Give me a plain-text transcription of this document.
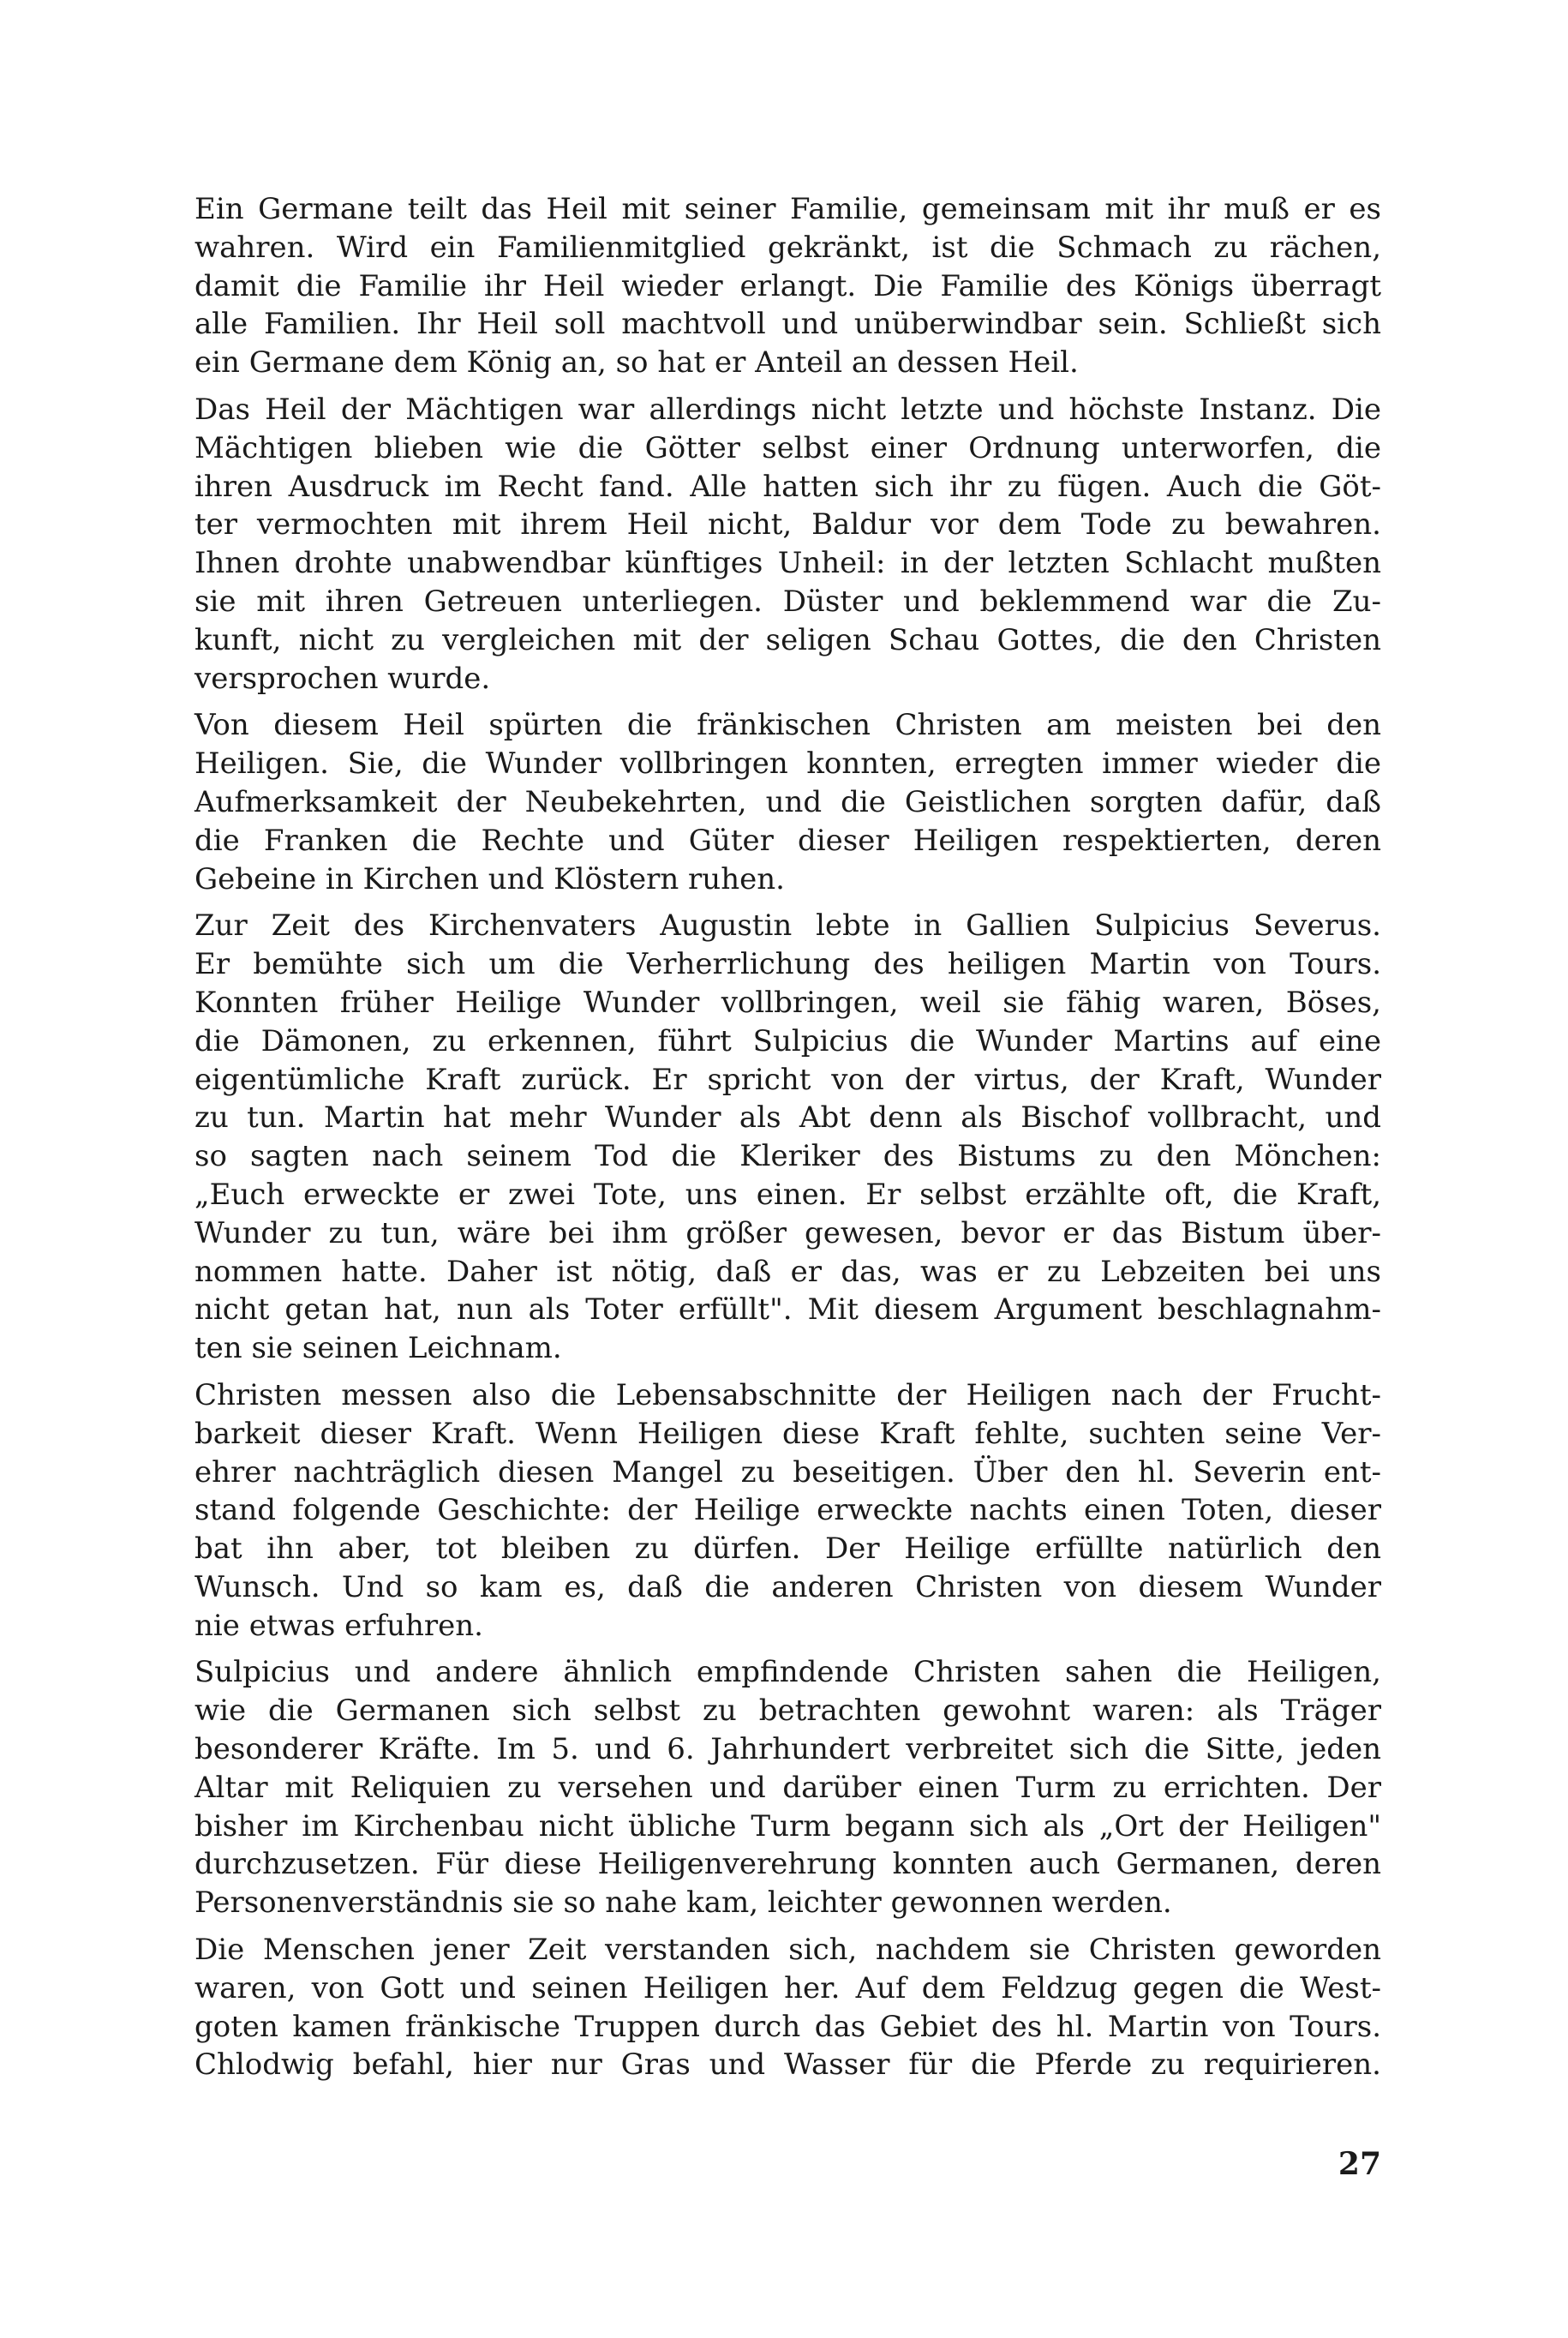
Ein Germane teilt das Heil mit seiner Familie, gemeinsam mit ihr muß er es
wahren. Wird ein Familienmitglied gekränkt, ist die Schmach zu rächen,
damit die Familie ihr Heil wieder erlangt. Die Familie des Königs überragt
alle Familien. Ihr Heil soll machtvoll und unüberwindbar sein. Schließt sich
ein Germane dem König an, so hat er Anteil an dessen Heil.
Das Heil der Mächtigen war allerdings nicht letzte und höchste Instanz. Die
Mächtigen blieben wie die Götter selbst einer Ordnung unterworfen, die
ihren Ausdruck im Recht fand. Alle hatten sich ihr zu fügen. Auch die Göt-
ter vermochten mit ihrem Heil nicht, Baldur vor dem Tode zu bewahren.
Ihnen drohte unabwendbar künftiges Unheil: in der letzten Schlacht mußten
sie mit ihren Getreuen unterliegen. Düster und beklemmend war die Zu-
kunft, nicht zu vergleichen mit der seligen Schau Gottes, die den Christen
versprochen wurde.
Von diesem Heil spürten die fränkischen Christen am meisten bei den
Heiligen. Sie, die Wunder vollbringen konnten, erregten immer wieder die
Aufmerksamkeit der Neubekehrten, und die Geistlichen sorgten dafür, daß
die Franken die Rechte und Güter dieser Heiligen respektierten, deren
Gebeine in Kirchen und Klöstern ruhen.
Zur Zeit des Kirchenvaters Augustin lebte in Gallien Sulpicius Severus.
Er bemühte sich um die Verherrlichung des heiligen Martin von Tours.
Konnten früher Heilige Wunder vollbringen, weil sie fähig waren, Böses,
die Dämonen, zu erkennen, führt Sulpicius die Wunder Martins auf eine
eigentümliche Kraft zurück. Er spricht von der virtus, der Kraft, Wunder
zu tun. Martin hat mehr Wunder als Abt denn als Bischof vollbracht, und
so sagten nach seinem Tod die Kleriker des Bistums zu den Mönchen:
„Euch erweckte er zwei Tote, uns einen. Er selbst erzählte oft, die Kraft,
Wunder zu tun, wäre bei ihm größer gewesen, bevor er das Bistum über-
nommen hatte. Daher ist nötig, daß er das, was er zu Lebzeiten bei uns
nicht getan hat, nun als Toter erfüllt". Mit diesem Argument beschlagnahm-
ten sie seinen Leichnam.
Christen messen also die Lebensabschnitte der Heiligen nach der Frucht-
barkeit dieser Kraft. Wenn Heiligen diese Kraft fehlte, suchten seine Ver-
ehrer nachträglich diesen Mangel zu beseitigen. Über den hl. Severin ent-
stand folgende Geschichte: der Heilige erweckte nachts einen Toten, dieser
bat ihn aber, tot bleiben zu dürfen. Der Heilige erfüllte natürlich den
Wunsch. Und so kam es, daß die anderen Christen von diesem Wunder
nie etwas erfuhren.
Sulpicius und andere ähnlich empfindende Christen sahen die Heiligen,
wie die Germanen sich selbst zu betrachten gewohnt waren: als Träger
besonderer Kräfte. Im 5. und 6. Jahrhundert verbreitet sich die Sitte, jeden
Altar mit Reliquien zu versehen und darüber einen Turm zu errichten. Der
bisher im Kirchenbau nicht übliche Turm begann sich als „Ort der Heiligen"
durchzusetzen. Für diese Heiligenverehrung konnten auch Germanen, deren
Personenverständnis sie so nahe kam, leichter gewonnen werden.
Die Menschen jener Zeit verstanden sich, nachdem sie Christen geworden
waren, von Gott und seinen Heiligen her. Auf dem Feldzug gegen die West-
goten kamen fränkische Truppen durch das Gebiet des hl. Martin von Tours.
Chlodwig befahl, hier nur Gras und Wasser für die Pferde zu requirieren.
27
